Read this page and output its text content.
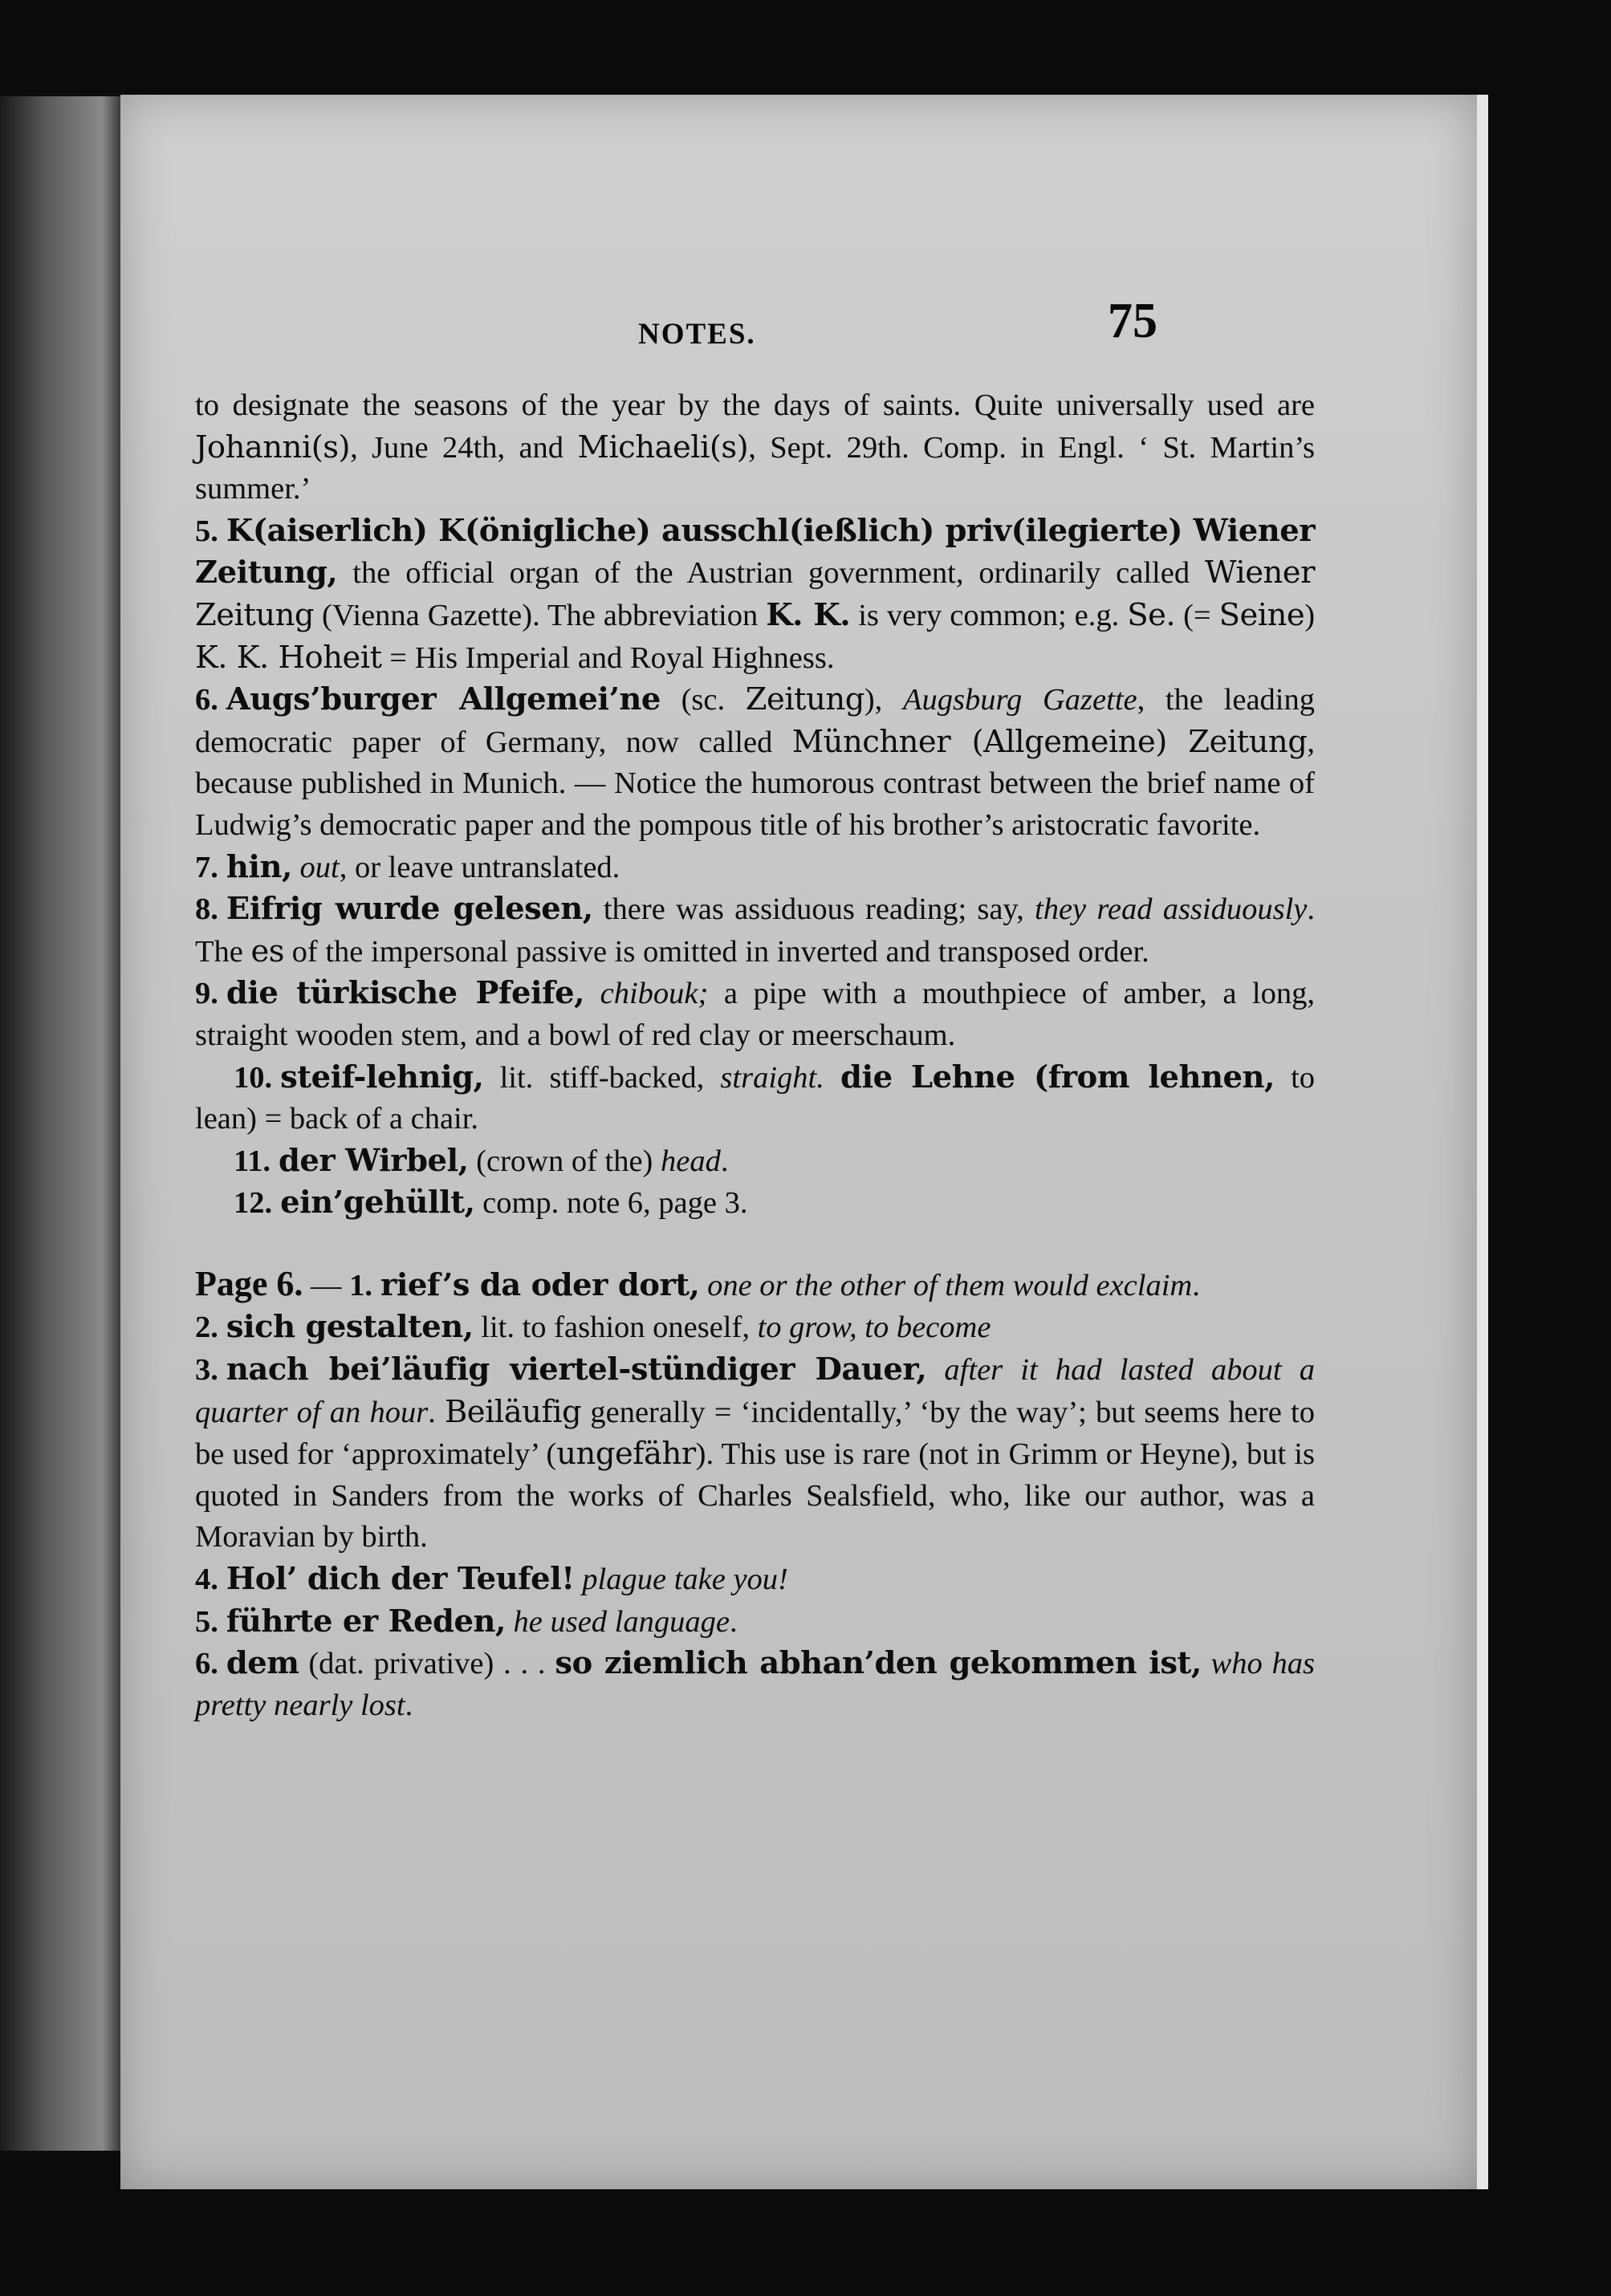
NOTES.	75

to designate the seasons of the year by the days of saints. Quite universally used are Johanni(s), June 24th, and Michaeli(s), Sept. 29th. Comp. in Engl. ‘ St. Martin’s summer.’

5. K(aiserlich) K(önigliche) ausschl(ießlich) priv(ilegierte) Wiener Zeitung, the official organ of the Austrian government, ordinarily called Wiener Zeitung (Vienna Gazette). The abbreviation K. K. is very common; e.g. Se. (= Seine) K. K. Hoheit = His Imperial and Royal Highness.

6. Augs’burger Allgemei’ne (sc. Zeitung), Augsburg Gazette, the leading democratic paper of Germany, now called Münchner (Allgemeine) Zeitung, because published in Munich. — Notice the humorous contrast between the brief name of Ludwig’s democratic paper and the pompous title of his brother’s aristocratic favorite.

7. hin, out, or leave untranslated.

8. Eifrig wurde gelesen, there was assiduous reading; say, they read assiduously. The es of the impersonal passive is omitted in inverted and transposed order.

9. die türkische Pfeife, chibouk; a pipe with a mouthpiece of amber, a long, straight wooden stem, and a bowl of red clay or meerschaum.

10. steif-lehnig, lit. stiff-backed, straight. die Lehne (from lehnen, to lean) = back of a chair.

11. der Wirbel, (crown of the) head.

12. ein’gehüllt, comp. note 6, page 3.

Page 6. — 1. rief’s da oder dort, one or the other of them would exclaim.

2. sich gestalten, lit. to fashion oneself, to grow, to become

3. nach bei’läufig viertel-stündiger Dauer, after it had lasted about a quarter of an hour. Beiläufig generally = ‘incidentally,’ ‘by the way’; but seems here to be used for ‘approximately’ (ungefähr). This use is rare (not in Grimm or Heyne), but is quoted in Sanders from the works of Charles Sealsfield, who, like our author, was a Moravian by birth.

4. Hol’ dich der Teufel! plague take you!

5. führte er Reden, he used language.

6. dem (dat. privative) . . . so ziemlich abhan’den gekommen ist, who has pretty nearly lost.
